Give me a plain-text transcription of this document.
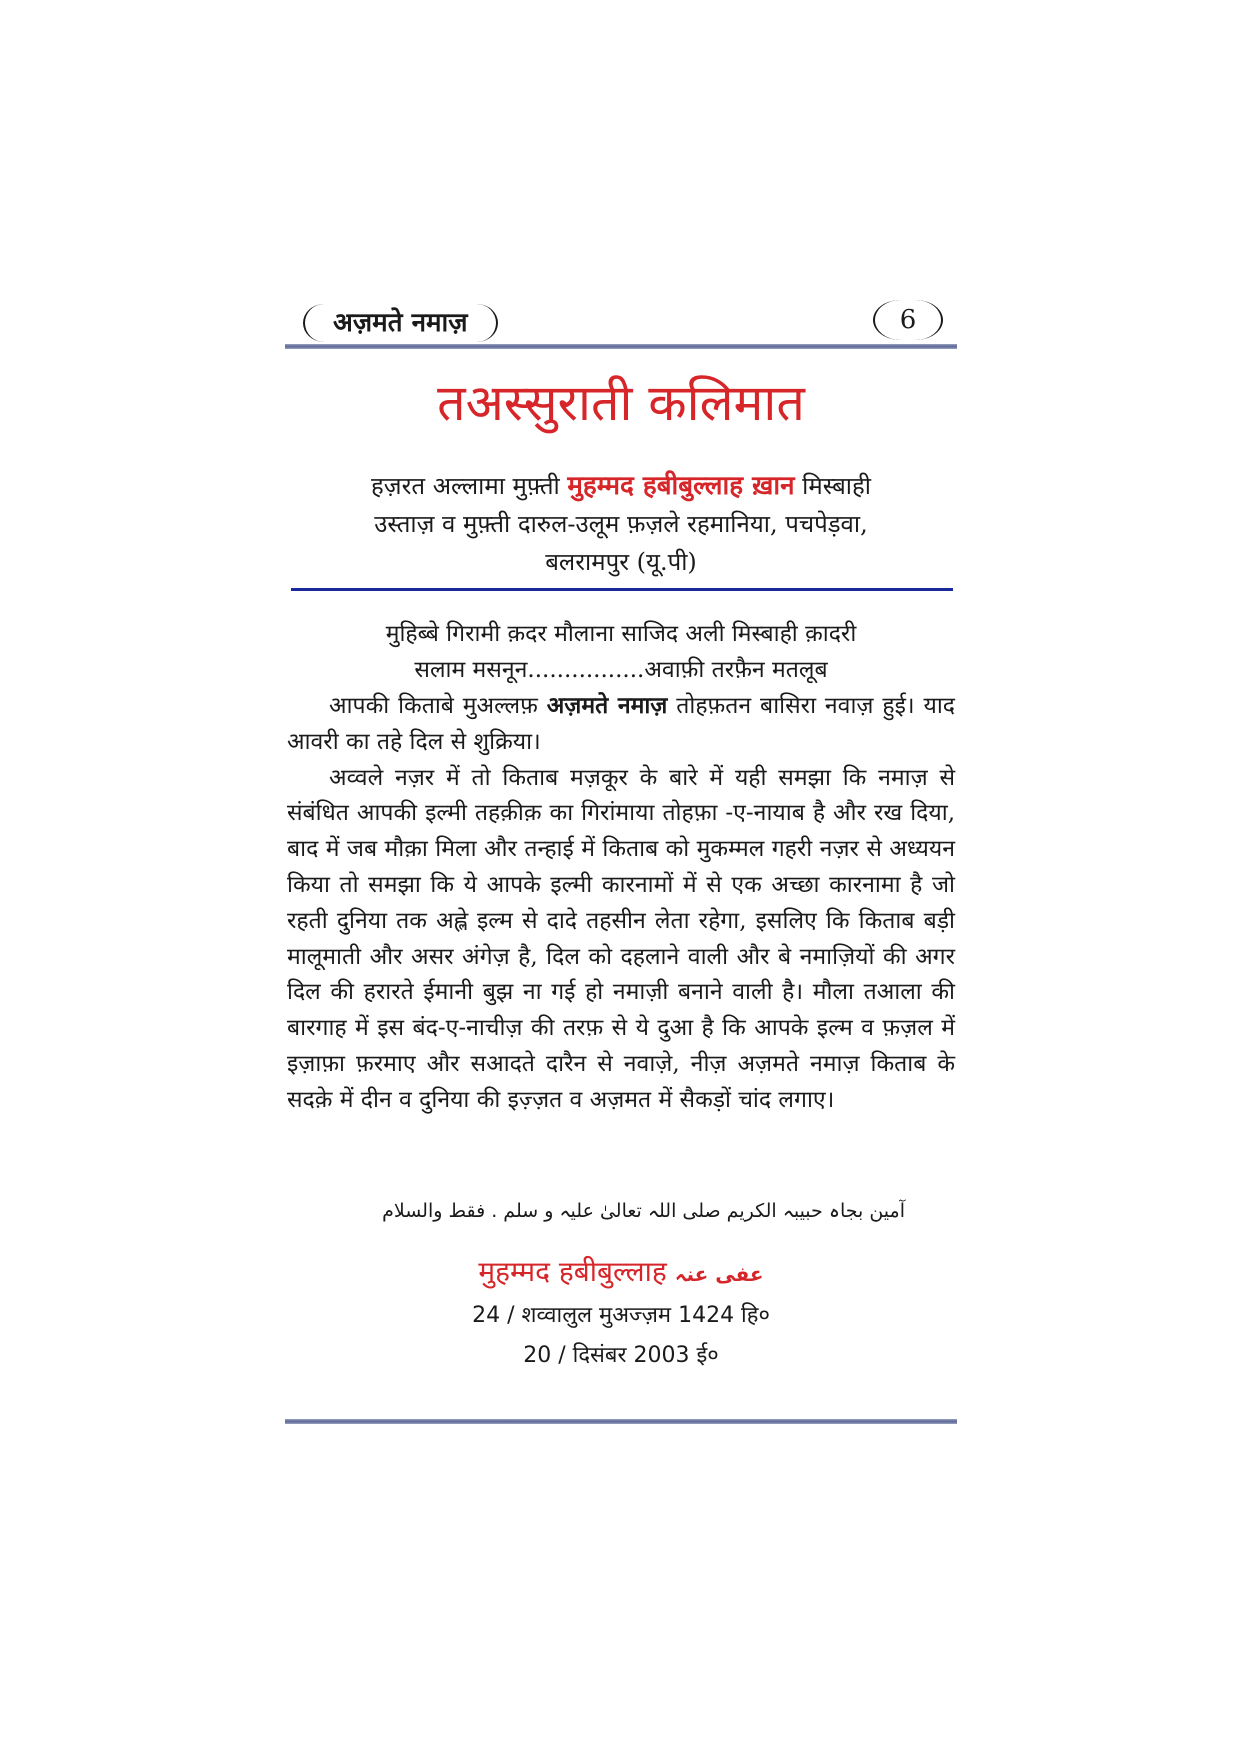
अज़मते नमाज़	6
तअस्सुराती कलिमात
हज़रत अल्लामा मुफ़्ती मुहम्मद हबीबुल्लाह ख़ान मिस्बाही
उस्ताज़ व मुफ़्ती दारुल-उलूम फ़ज़ले रहमानिया, पचपेड़वा,
बलरामपुर (यू.पी)
मुहिब्बे गिरामी क़दर मौलाना साजिद अली मिस्बाही क़ादरी
सलाम मसनून................अवाफ़ी तरफ़ैन मतलूब

आपकी किताबे मुअल्लफ़ अज़मते नमाज़ तोहफ़तन बासिरा नवाज़ हुई। याद आवरी का तहे दिल से शुक्रिया।

अव्वले नज़र में तो किताब मज़कूर के बारे में यही समझा कि नमाज़ से संबंधित आपकी इल्मी तहक़ीक़ का गिरांमाया तोहफ़ा -ए-नायाब है और रख दिया, बाद में जब मौक़ा मिला और तन्हाई में किताब को मुकम्मल गहरी नज़र से अध्ययन किया तो समझा कि ये आपके इल्मी कारनामों में से एक अच्छा कारनामा है जो रहती दुनिया तक अह्ले इल्म से दादे तहसीन लेता रहेगा, इसलिए कि किताब बड़ी मालूमाती और असर अंगेज़ है, दिल को दहलाने वाली और बे नमाज़ियों की अगर दिल की हरारते ईमानी बुझ ना गई हो नमाज़ी बनाने वाली है। मौला तआला की बारगाह में इस बंद-ए-नाचीज़ की तरफ़ से ये दुआ है कि आपके इल्म व फ़ज़ल में इज़ाफ़ा फ़रमाए और सआदते दारैन से नवाज़े, नीज़ अज़मते नमाज़ किताब के सदक़े में दीन व दुनिया की इज़्ज़त व अज़मत में सैकड़ों चांद लगाए।

آمین بجاہ حبیبہ الکریم صلی اللہ تعالیٰ علیہ و سلم . فقط والسلام
मुहम्मद हबीबुल्लाह عفی عنہ
24 / शव्वालुल मुअज्ज़म 1424 हि०
20 / दिसंबर 2003 ई०
